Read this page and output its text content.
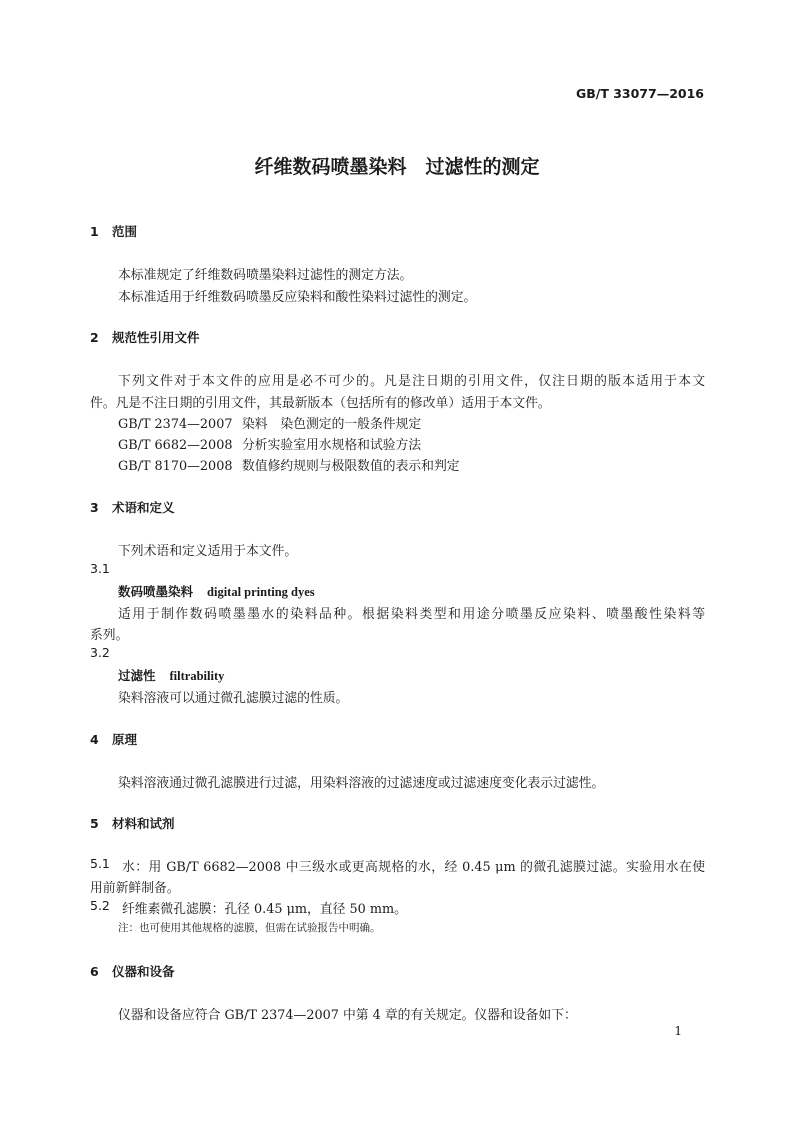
GB/T 33077—2016
纤维数码喷墨染料　过滤性的测定
1 范围
本标准规定了纤维数码喷墨染料过滤性的测定方法。
本标准适用于纤维数码喷墨反应染料和酸性染料过滤性的测定。
2 规范性引用文件
下列文件对于本文件的应用是必不可少的。凡是注日期的引用文件，仅注日期的版本适用于本文
件。凡是不注日期的引用文件，其最新版本（包括所有的修改单）适用于本文件。
GB/T 2374—2007 染料　染色测定的一般条件规定
GB/T 6682—2008 分析实验室用水规格和试验方法
GB/T 8170—2008 数值修约规则与极限数值的表示和判定
3 术语和定义
下列术语和定义适用于本文件。
3.1
数码喷墨染料 digital printing dyes
适用于制作数码喷墨墨水的染料品种。根据染料类型和用途分喷墨反应染料、喷墨酸性染料等
系列。
3.2
过滤性 filtrability
染料溶液可以通过微孔滤膜过滤的性质。
4 原理
染料溶液通过微孔滤膜进行过滤，用染料溶液的过滤速度或过滤速度变化表示过滤性。
5 材料和试剂
5.1 水：用 GB/T 6682—2008 中三级水或更高规格的水，经 0.45 μm 的微孔滤膜过滤。实验用水在使
用前新鲜制备。
5.2 纤维素微孔滤膜：孔径 0.45 μm，直径 50 mm。
注：也可使用其他规格的滤膜，但需在试验报告中明确。
6 仪器和设备
仪器和设备应符合 GB/T 2374—2007 中第 4 章的有关规定。仪器和设备如下：
1
